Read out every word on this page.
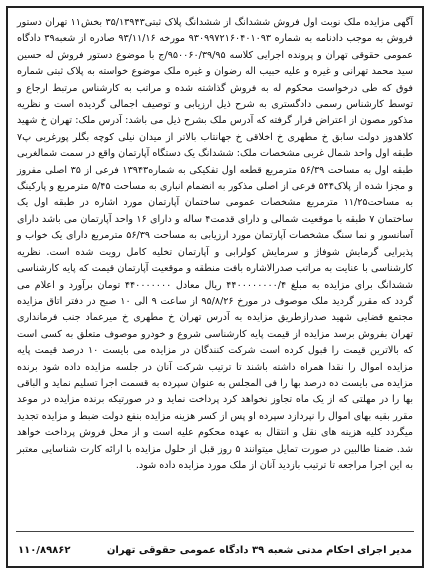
آگهی مزایده ملک نوبت اول فروش ششدانگ از ششدانگ پلاک ثبتی۳۵/۱۳۹۴۳ بخش۱۱ تهران دستور فروش به موجب دادنامه به شماره ۹۳۰۹۹۷۲۱۶۰۴۰۱۰۹۳ مورخه ۹۳/۱۱/۱۶ صادره از شعبه۳۹ دادگاه عمومی حقوقی تهران و پرونده اجرایی کلاسه ۹۵۰۰۶۰/۳۹/۹۵/ج با موضوع دستور فروش له حسین سید محمد تهرانی و غیره و علیه حبیب اله رضوان و غیره ملک موضوع خواسته به پلاک ثبتی شماره فوق که طی درخواست محکوم له به فروش گذاشته شده و مراتب به کارشناس مرتبط ارجاع و توسط کارشناس رسمی دادگستری به شرح ذیل ارزیابی و توصیف اجمالی گردیده است و نظریه مذکور مصون از اعتراض قرار گرفته که آدرس ملک بشرح ذیل می باشد: آدرس ملک: تهران خ شهید کلاهدوز دولت سابق خ مطهری خ اخلاقی خ جهانتاب بالاتر از میدان نیلی کوچه بگلر پورغربی پ۷ طبقه اول واحد شمال غربی مشخصات ملک: ششدانگ یک دستگاه آپارتمان واقع در سمت شمالغربی طبقه اول به مساحت ۵۶/۳۹ مترمربع قطعه اول تفکیکی به شماره۱۳۹۴۳ فرعی از ۳۵ اصلی مفروز و مجزا شده از پلاک۵۴۴ فرعی از اصلی مذکور به انضمام انباری به مساحت ۵/۴۵ مترمربع و پارکینگ به مساحت۱۱/۲۵ مترمربع مشخصات عمومی ساختمان آپارتمان مورد اشاره در طبقه اول یک ساختمان ۷ طبقه با موقعیت شمالی و دارای قدمت۴ ساله و دارای ۱۶ واحد آپارتمان می باشد دارای آسانسور و نما سنگ مشخصات آپارتمان مورد ارزیابی به مساحت ۵۶/۳۹ مترمربع دارای یک خواب و پذیرایی گرمایش شوفاژ و سرمایش کولرابی و آپارتمان تخلیه کامل رویت شده است. نظریه کارشناسی با عنایت به مراتب صدرالاشاره بافت منطقه و موقعیت آپارتمان قیمت که پایه کارشناسی ششدانگ برای مزایده به مبلغ ۴۴۰۰۰۰۰۰۰۰/۴ ریال معادل ۴۴۰۰۰۰۰۰۰ تومان برآورد و اعلام می گردد که مقرر گردید ملک موصوف در مورخ ۹۵/۸/۲۶ از ساعت ۹ الی ۱۰ صبح در دفتر اتاق مزایده مجتمع قضایی شهید صدرازطریق مزایده به آدرس تهران خ مطهری خ میرعماد جنب فرمانداری تهران بفروش برسد مزایده از قیمت پایه کارشناسی شروع و خودرو موصوف متعلق به کسی است که بالاترین قیمت را قبول کرده است شرکت کنندگان در مزایده می بایست ۱۰ درصد قیمت پایه مزایده اموال را نقدا همراه داشته باشند تا ترتیب شرکت آنان در جلسه مزایده داده شود برنده مزایده می بایست ده درصد بها را فی المجلس به عنوان سپرده به قسمت اجرا تسلیم نماید و الباقی بها را در مهلتی که از یک ماه تجاوز نخواهد کرد پرداخت نماید و در صورتیکه برنده مزایده در موعد مقرر بقیه بهای اموال را نپردازد سپرده او پس از کسر هزینه مزایده بنفع دولت ضبط و مزایده تجدید میگردد کلیه هزینه های نقل و انتقال به عهده محکوم علیه است و از محل فروش پرداخت خواهد شد. ضمنا طالبین در صورت تمایل میتوانند ۵ روز قبل از حلول مزایده با ارائه کارت شناسایی معتبر به این اجرا مراجعه تا ترتیب بازدید آنان از ملک مورد مزایده داده شود.

مدیر اجرای احکام مدنی شعبه ۳۹ دادگاه عمومی حقوقی تهران
۱۱۰/۸۹۸۶۲
